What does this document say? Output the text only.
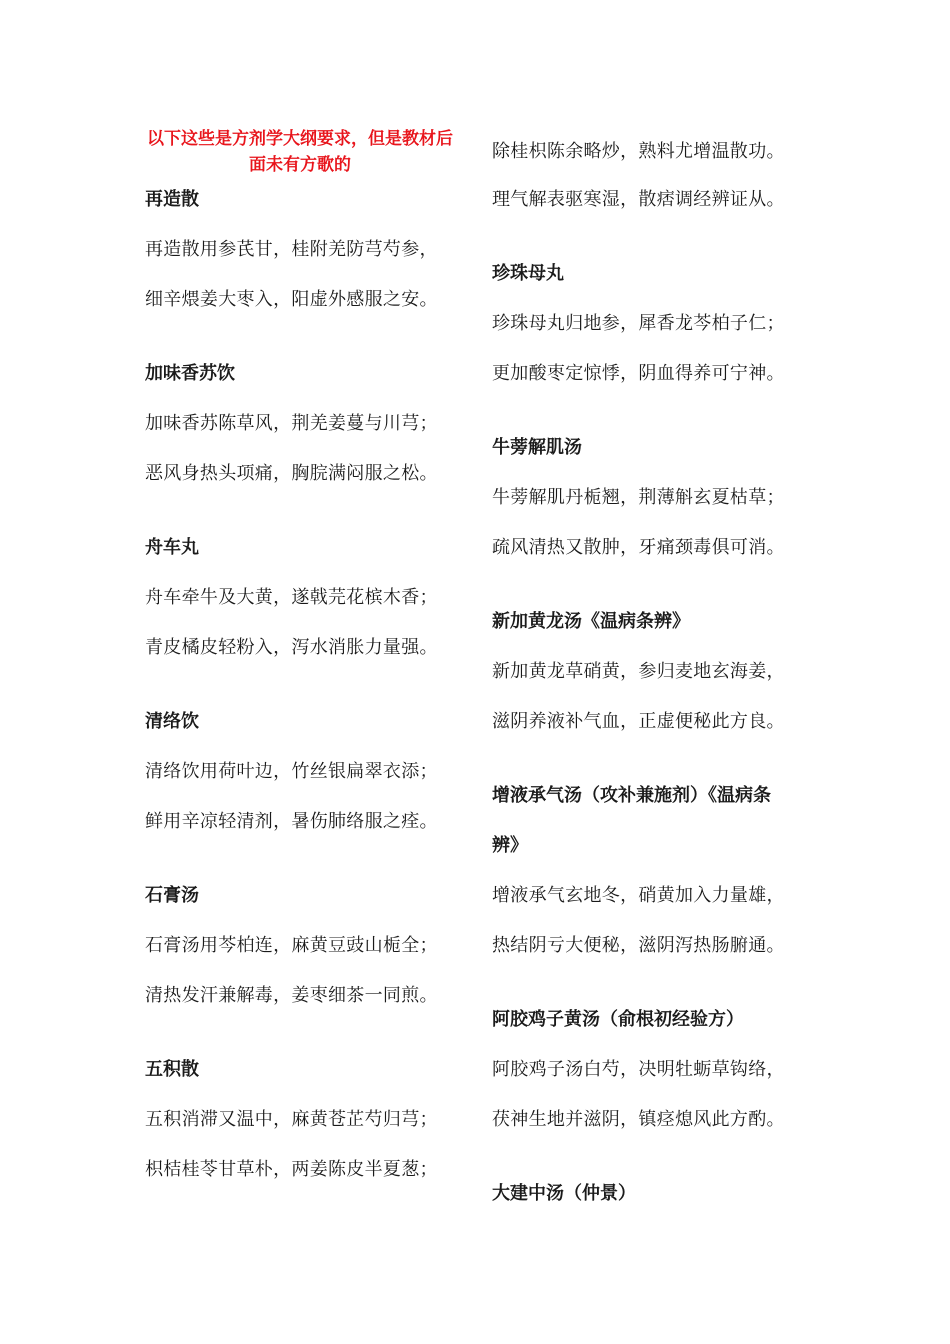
以下这些是方剂学大纲要求，但是教材后面未有方歌的
再造散
再造散用参芪甘，桂附羌防芎芍参，
细辛煨姜大枣入，阳虚外感服之安。
加味香苏饮
加味香苏陈草风，荆羌姜蔓与川芎；
恶风身热头项痛，胸脘满闷服之松。
舟车丸
舟车牵牛及大黄，遂戟芫花槟木香；
青皮橘皮轻粉入，泻水消胀力量强。
清络饮
清络饮用荷叶边，竹丝银扁翠衣添；
鲜用辛凉轻清剂，暑伤肺络服之痊。
石膏汤
石膏汤用芩柏连，麻黄豆豉山栀全；
清热发汗兼解毒，姜枣细茶一同煎。
五积散
五积消滞又温中，麻黄苍芷芍归芎；
枳桔桂苓甘草朴，两姜陈皮半夏葱；
除桂枳陈余略炒，熟料尤增温散功。
理气解表驱寒湿，散痞调经辨证从。
珍珠母丸
珍珠母丸归地参，犀香龙芩柏子仁；
更加酸枣定惊悸，阴血得养可宁神。
牛蒡解肌汤
牛蒡解肌丹栀翘，荆薄斛玄夏枯草；
疏风清热又散肿，牙痛颈毒俱可消。
新加黄龙汤《温病条辨》
新加黄龙草硝黄，参归麦地玄海姜，
滋阴养液补气血，正虚便秘此方良。
增液承气汤（攻补兼施剂）《温病条
辨》
增液承气玄地冬，硝黄加入力量雄，
热结阴亏大便秘，滋阴泻热肠腑通。
阿胶鸡子黄汤（俞根初经验方）
阿胶鸡子汤白芍，决明牡蛎草钩络，
茯神生地并滋阴，镇痉熄风此方酌。
大建中汤（仲景）
